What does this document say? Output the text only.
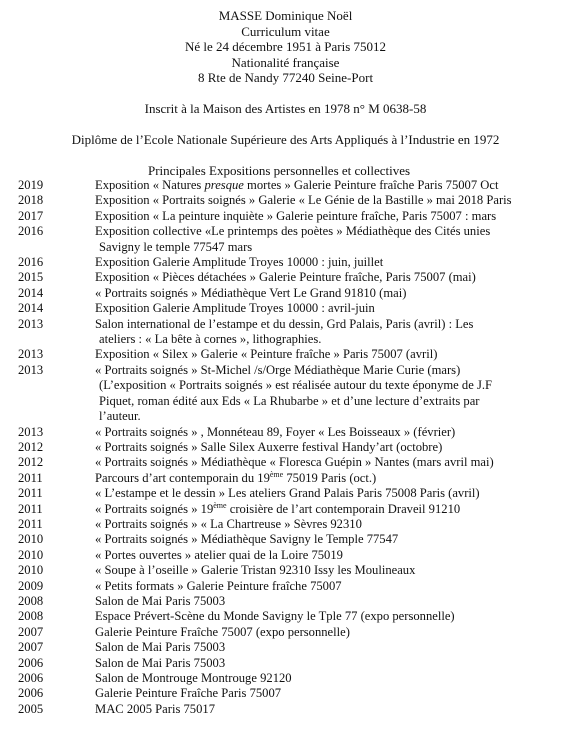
MASSE Dominique Noël
Curriculum vitae
Né le 24 décembre 1951 à Paris 75012
Nationalité française
8 Rte de Nandy 77240 Seine-Port
Inscrit à la Maison des Artistes en 1978 n° M 0638-58
Diplôme de l’Ecole Nationale Supérieure des Arts Appliqués à l’Industrie en 1972
Principales Expositions personnelles et collectives
2019	Exposition « Natures presque mortes » Galerie Peinture fraîche Paris 75007 Oct
2018	Exposition « Portraits soignés » Galerie « Le Génie de la Bastille » mai 2018 Paris
2017	Exposition « La peinture inquiète » Galerie peinture fraîche, Paris 75007 : mars
2016	Exposition collective «Le printemps des poètes » Médiathèque des Cités unies
Savigny le temple 77547 mars
2016	Exposition Galerie Amplitude Troyes 10000 : juin, juillet
2015	Exposition « Pièces détachées » Galerie Peinture fraîche, Paris 75007 (mai)
2014	« Portraits soignés » Médiathèque Vert Le Grand 91810 (mai)
2014	Exposition Galerie Amplitude Troyes 10000 : avril-juin
2013	Salon international de l’estampe et du dessin, Grd Palais, Paris (avril) : Les
ateliers : « La bête à cornes », lithographies.
2013	Exposition « Silex » Galerie « Peinture fraîche » Paris 75007 (avril)
2013	« Portraits soignés » St-Michel /s/Orge Médiathèque Marie Curie (mars)
(L’exposition « Portraits soignés » est réalisée autour du texte éponyme de J.F
Piquet, roman édité aux Eds « La Rhubarbe » et d’une lecture d’extraits par
l’auteur.
2013	« Portraits soignés » , Monnéteau 89, Foyer « Les Boisseaux » (février)
2012	« Portraits soignés » Salle Silex Auxerre festival Handy’art (octobre)
2012	« Portraits soignés » Médiathèque « Floresca Guépin » Nantes (mars avril mai)
2011	Parcours d’art contemporain du 19ème 75019 Paris (oct.)
2011	« L’estampe et le dessin » Les ateliers Grand Palais Paris 75008 Paris (avril)
2011	« Portraits soignés » 19ème croisière de l’art contemporain Draveil 91210
2011	« Portraits soignés » « La Chartreuse » Sèvres 92310
2010	« Portraits soignés » Médiathèque Savigny le Temple 77547
2010	« Portes ouvertes » atelier quai de la Loire 75019
2010	« Soupe à l’oseille » Galerie Tristan 92310 Issy les Moulineaux
2009	« Petits formats » Galerie Peinture fraîche 75007
2008	Salon de Mai Paris 75003
2008	Espace Prévert-Scène du Monde Savigny le Tple 77 (expo personnelle)
2007	Galerie Peinture Fraîche 75007 (expo personnelle)
2007	Salon de Mai Paris 75003
2006	Salon de Mai Paris 75003
2006	Salon de Montrouge Montrouge 92120
2006	Galerie Peinture Fraîche Paris 75007
2005	MAC 2005 Paris 75017
